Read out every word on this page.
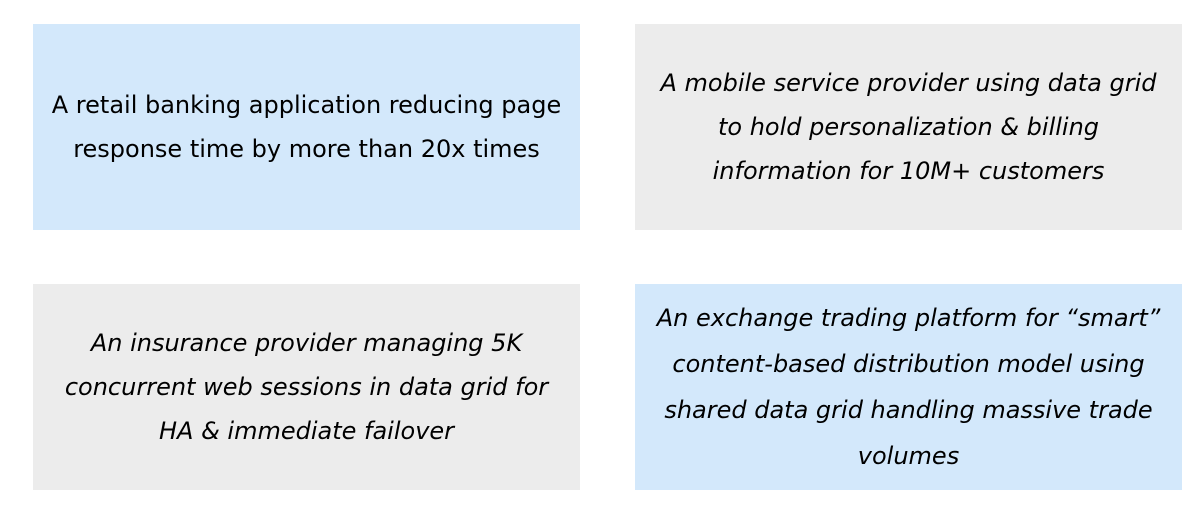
A retail banking application reducing page response time by more than 20x times
A mobile service provider using data grid to hold personalization & billing information for 10M+ customers
An insurance provider managing 5K concurrent web sessions in data grid for HA & immediate failover
An exchange trading platform for “smart” content-based distribution model using shared data grid handling massive trade volumes
